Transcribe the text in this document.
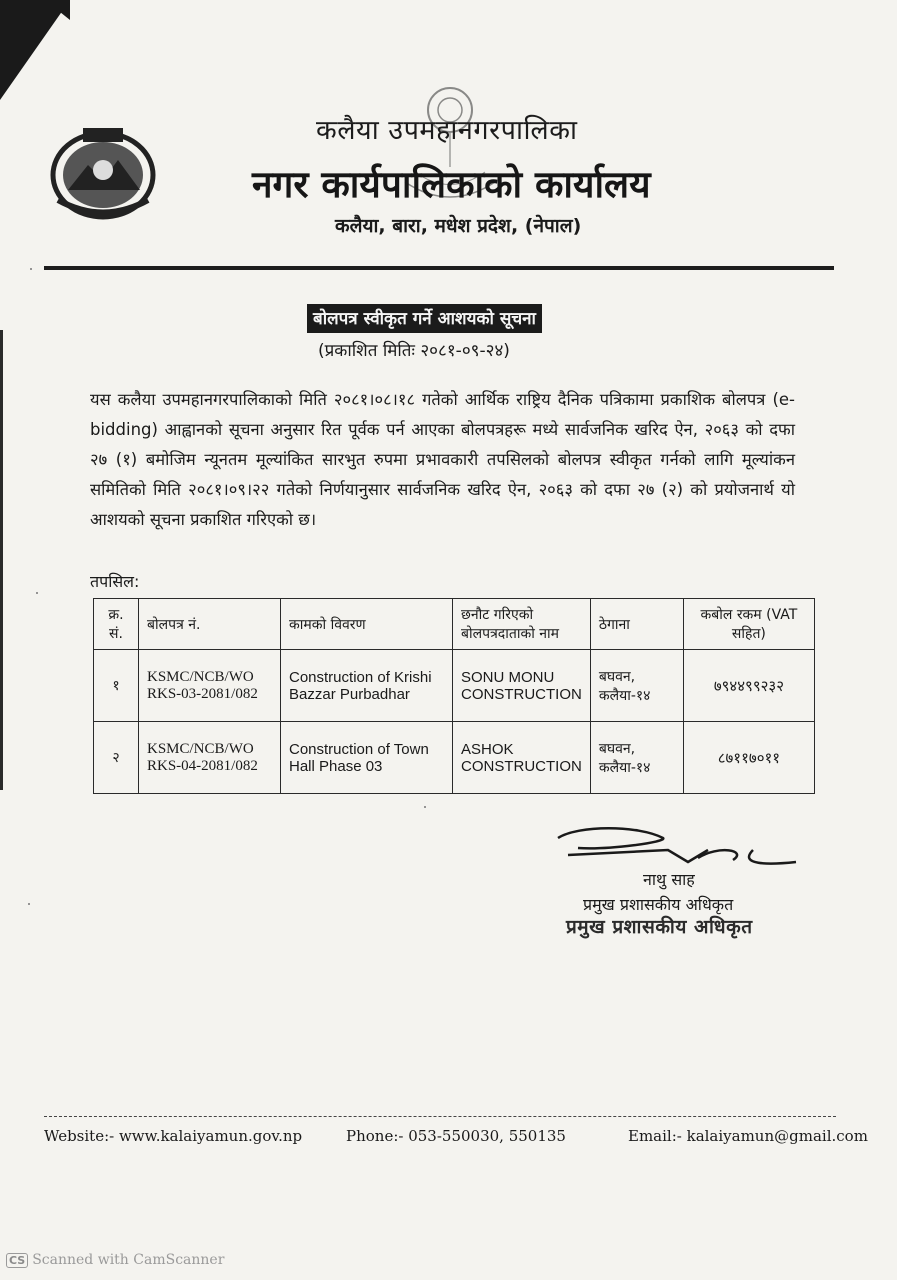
कलैया उपमहानगरपालिका
नगर कार्यपालिकाको कार्यालय
कलैया, बारा, मधेश प्रदेश, (नेपाल)
बोलपत्र स्वीकृत गर्ने आशयको सूचना
(प्रकाशित मितिः २०८१-०९-२४)
यस कलैया उपमहानगरपालिकाको मिति २०८१।०८।१८ गतेको आर्थिक राष्ट्रिय दैनिक पत्रिकामा प्रकाशिक बोलपत्र (e-bidding) आह्वानको सूचना अनुसार रित पूर्वक पर्न आएका बोलपत्रहरू मध्ये सार्वजनिक खरिद ऐन, २०६३ को दफा २७ (१) बमोजिम न्यूनतम मूल्यांकित सारभुत रुपमा प्रभावकारी तपसिलको बोलपत्र स्वीकृत गर्नको लागि मूल्यांकन समितिको मिति २०८१।०९।२२ गतेको निर्णयानुसार सार्वजनिक खरिद ऐन, २०६३ को दफा २७ (२) को प्रयोजनार्थ यो आशयको सूचना प्रकाशित गरिएको छ।
तपसिल:
क्र. सं.	बोलपत्र नं.	कामको विवरण	छनौट गरिएको बोलपत्रदाताको नाम	ठेगाना	कबोल रकम (VAT सहित)
१	KSMC/NCB/WO RKS-03-2081/082	Construction of Krishi Bazzar Purbadhar	SONU MONU CONSTRUCTION	बघवन, कलैया-१४	७९४४९९२३२
२	KSMC/NCB/WO RKS-04-2081/082	Construction of Town Hall Phase 03	ASHOK CONSTRUCTION	बघवन, कलैया-१४	८७११७०११
नाथु साह
प्रमुख प्रशासकीय अधिकृत
प्रमुख प्रशासकीय अधिकृत
Website:- www.kalaiyamun.gov.np	Phone:- 053-550030, 550135	Email:- kalaiyamun@gmail.com
CS Scanned with CamScanner
